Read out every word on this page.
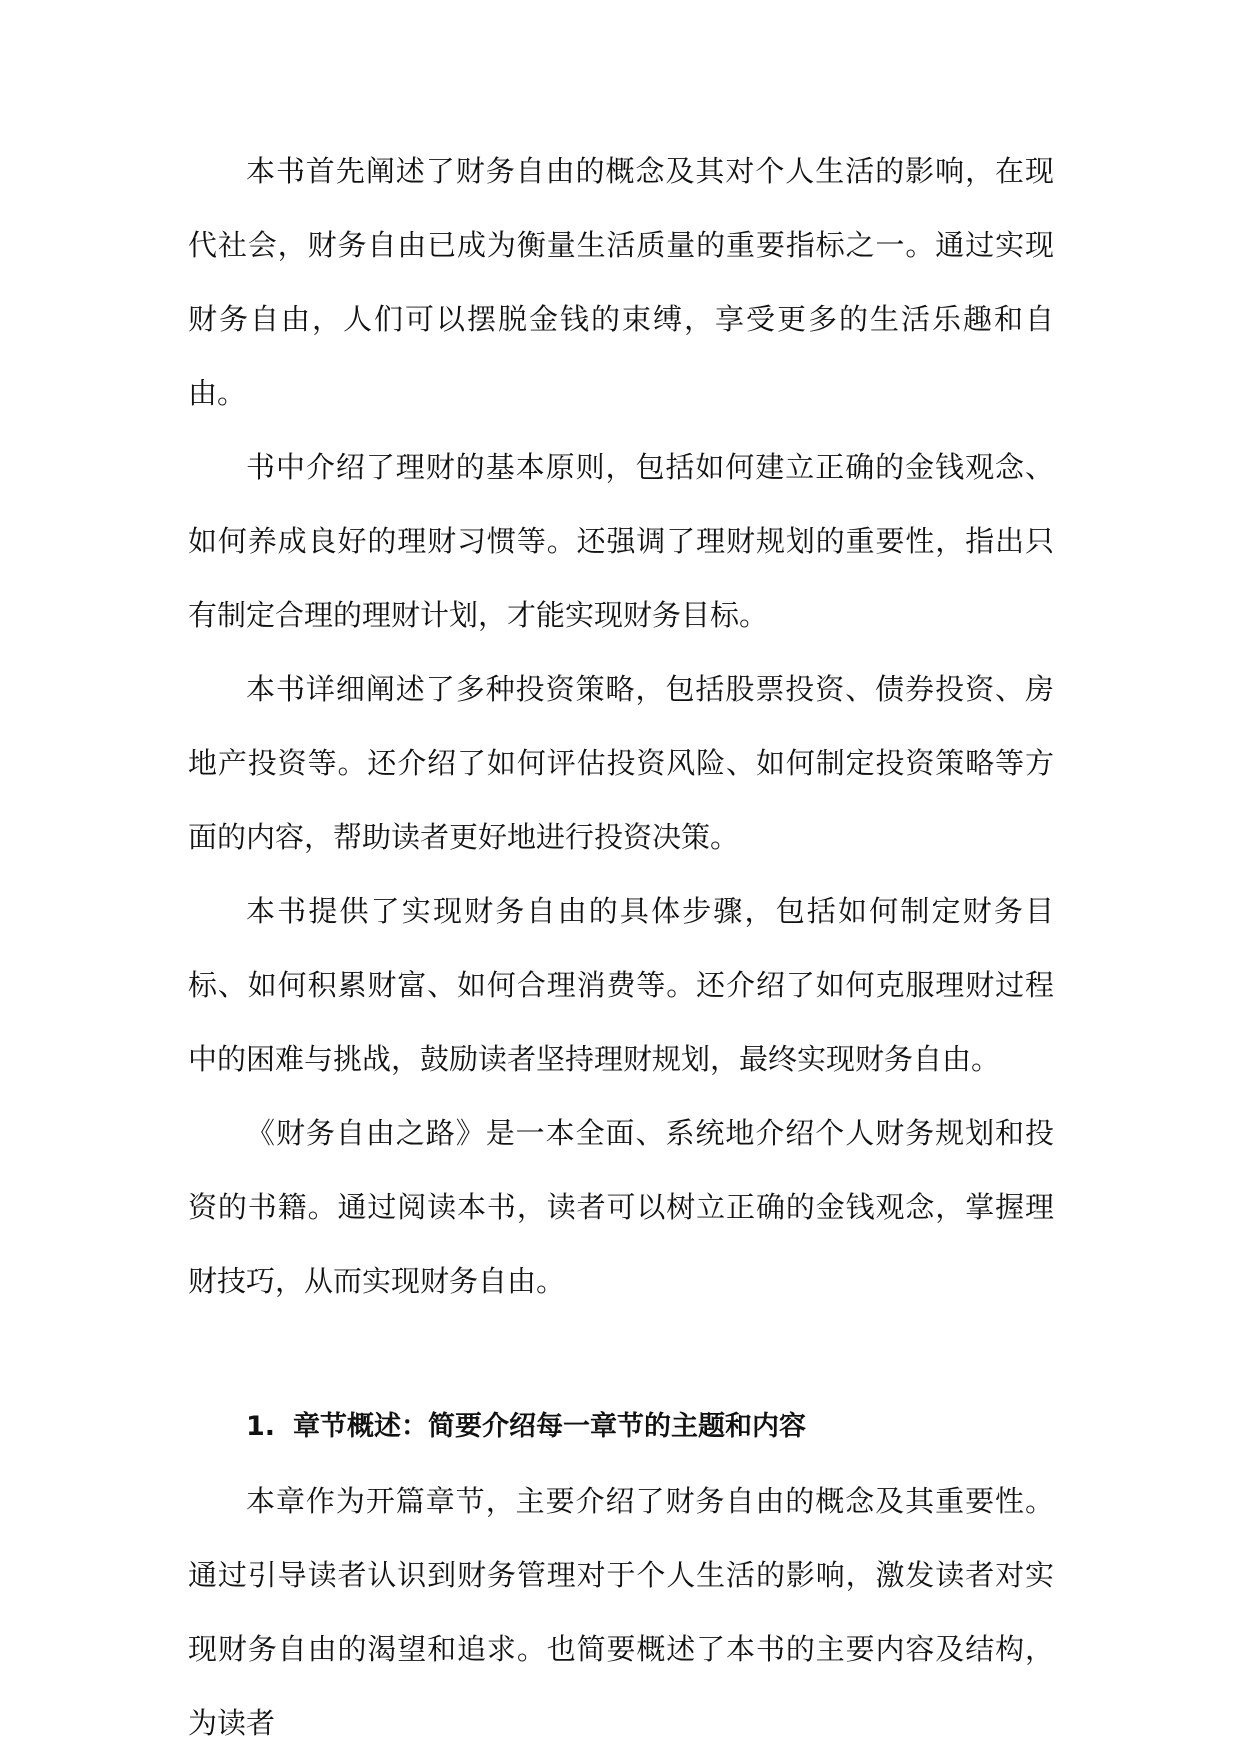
本书首先阐述了财务自由的概念及其对个人生活的影响，在现代社会，财务自由已成为衡量生活质量的重要指标之一。通过实现财务自由，人们可以摆脱金钱的束缚，享受更多的生活乐趣和自由。

书中介绍了理财的基本原则，包括如何建立正确的金钱观念、如何养成良好的理财习惯等。还强调了理财规划的重要性，指出只有制定合理的理财计划，才能实现财务目标。

本书详细阐述了多种投资策略，包括股票投资、债券投资、房地产投资等。还介绍了如何评估投资风险、如何制定投资策略等方面的内容，帮助读者更好地进行投资决策。

本书提供了实现财务自由的具体步骤，包括如何制定财务目标、如何积累财富、如何合理消费等。还介绍了如何克服理财过程中的困难与挑战，鼓励读者坚持理财规划，最终实现财务自由。

《财务自由之路》是一本全面、系统地介绍个人财务规划和投资的书籍。通过阅读本书，读者可以树立正确的金钱观念，掌握理财技巧，从而实现财务自由。

1. 章节概述：简要介绍每一章节的主题和内容

本章作为开篇章节，主要介绍了财务自由的概念及其重要性。通过引导读者认识到财务管理对于个人生活的影响，激发读者对实现财务自由的渴望和追求。也简要概述了本书的主要内容及结构，为读者
